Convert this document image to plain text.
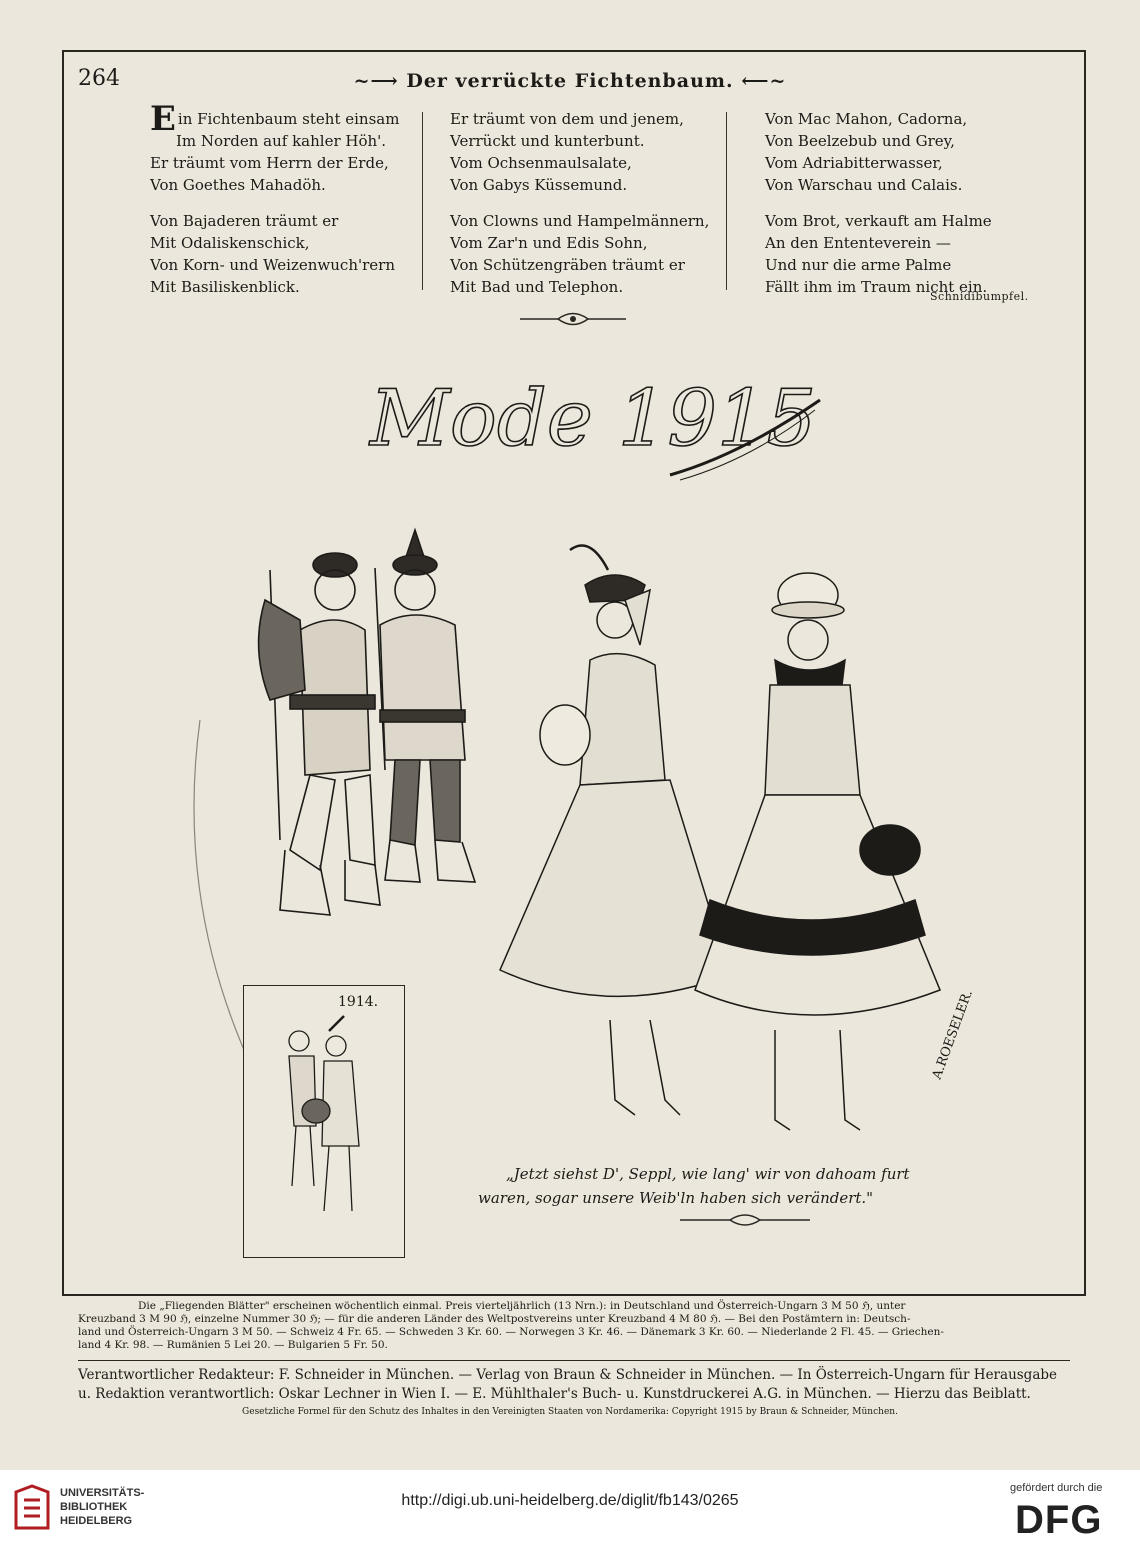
264	~⟶ Der verrückte Fichtenbaum. ⟵~

Ein Fichtenbaum steht einsam
Im Norden auf kahler Höh'.
Er träumt vom Herrn der Erde,
Von Goethes Mahadöh.

Von Bajaderen träumt er
Mit Odaliskenschick,
Von Korn- und Weizenwuch'rern
Mit Basiliskenblick.

Er träumt von dem und jenem,
Verrückt und kunterbunt.
Vom Ochsenmaulsalate,
Von Gabys Küssemund.

Von Clowns und Hampelmännern,
Vom Zar'n und Edis Sohn,
Von Schützengräben träumt er
Mit Bad und Telephon.

Von Mac Mahon, Cadorna,
Von Beelzebub und Grey,
Vom Adriabitterwasser,
Von Warschau und Calais.

Vom Brot, verkauft am Halme
An den Ententeverein —
Und nur die arme Palme
Fällt ihm im Traum nicht ein.

Schnidibumpfel.
Mode 1915
A.ROESELER.
1914.
„Jetzt siehst D', Seppl, wie lang' wir von dahoam furt
waren, sogar unsere Weib'ln haben sich verändert."
Die „Fliegenden Blätter" erscheinen wöchentlich einmal. Preis vierteljährlich (13 Nrn.): in Deutschland und Österreich-Ungarn 3 M 50 ℌ, unter
Kreuzband 3 M 90 ℌ, einzelne Nummer 30 ℌ; — für die anderen Länder des Weltpostvereins unter Kreuzband 4 M 80 ℌ. — Bei den Postämtern in: Deutsch-
land und Österreich-Ungarn 3 M 50. — Schweiz 4 Fr. 65. — Schweden 3 Kr. 60. — Norwegen 3 Kr. 46. — Dänemark 3 Kr. 60. — Niederlande 2 Fl. 45. — Griechen-
land 4 Kr. 98. — Rumänien 5 Lei 20. — Bulgarien 5 Fr. 50.
Verantwortlicher Redakteur: F. Schneider in München. — Verlag von Braun & Schneider in München. — In Österreich-Ungarn für Herausgabe
u. Redaktion verantwortlich: Oskar Lechner in Wien I. — E. Mühlthaler's Buch- u. Kunstdruckerei A.G. in München. — Hierzu das Beiblatt.
Gesetzliche Formel für den Schutz des Inhaltes in den Vereinigten Staaten von Nordamerika: Copyright 1915 by Braun & Schneider, München.
UNIVERSITÄTS-
BIBLIOTHEK
HEIDELBERG
http://digi.ub.uni-heidelberg.de/diglit/fb143/0265
gefördert durch die
DFG
